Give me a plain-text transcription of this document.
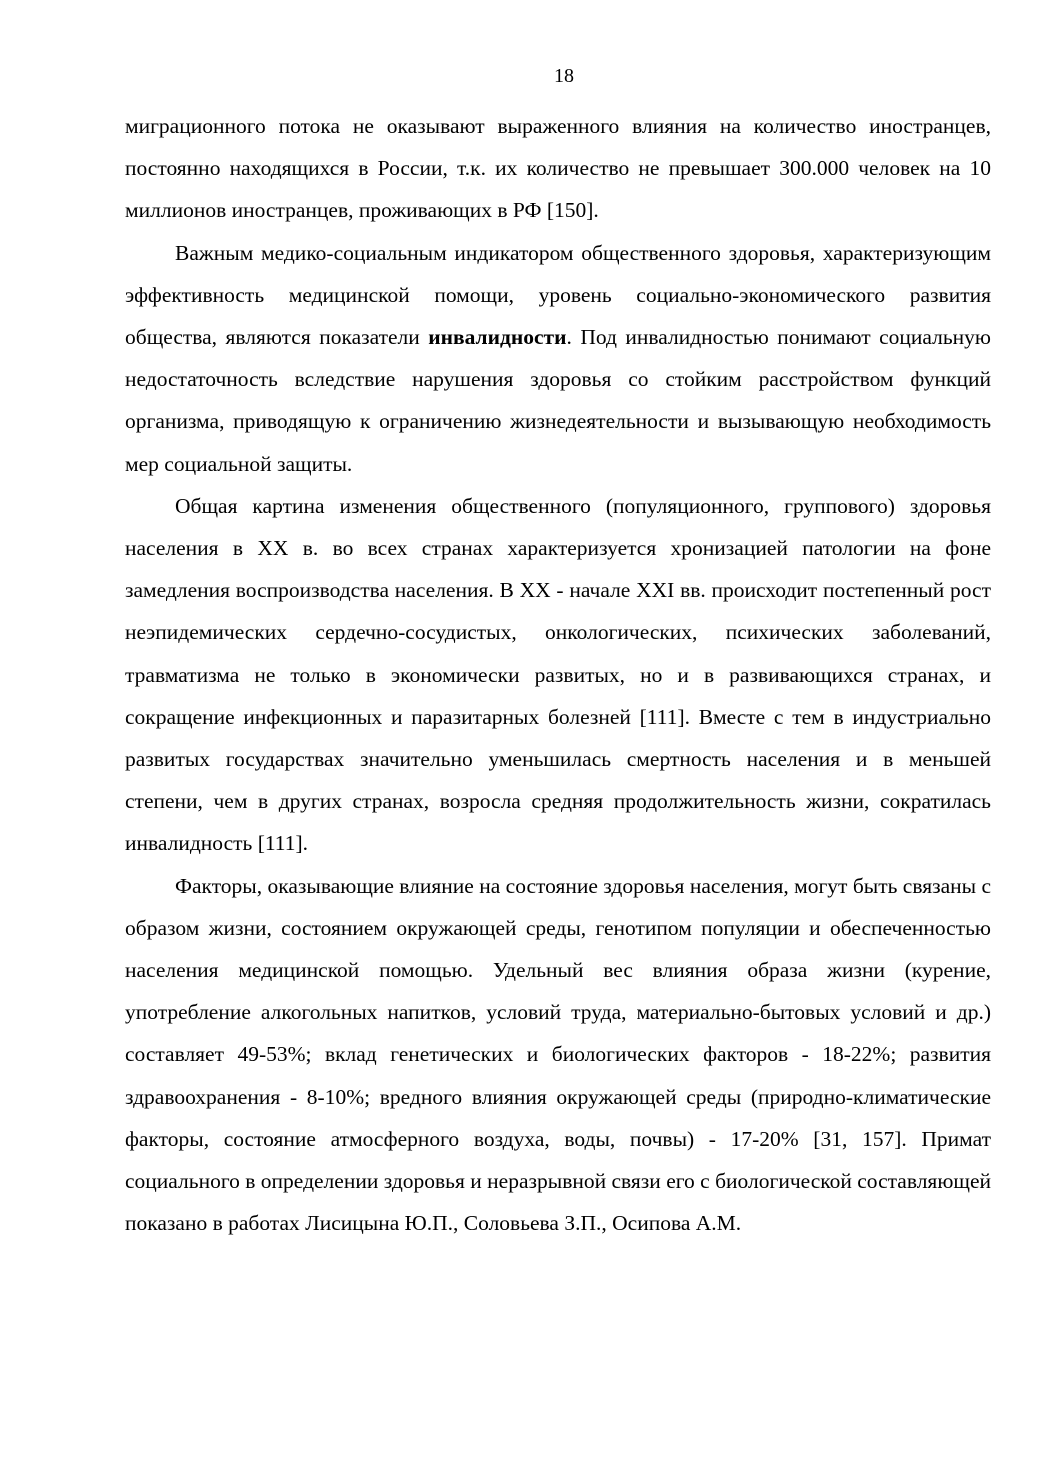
18

миграционного потока не оказывают выраженного влияния на количество иностранцев, постоянно находящихся в России, т.к. их количество не превышает 300.000 человек на 10 миллионов иностранцев, проживающих в РФ [150].

Важным медико-социальным индикатором общественного здоровья, характеризующим эффективность медицинской помощи, уровень социально-экономического развития общества, являются показатели инвалидности. Под инвалидностью понимают социальную недостаточность вследствие нарушения здоровья со стойким расстройством функций организма, приводящую к ограничению жизнедеятельности и вызывающую необходимость мер социальной защиты.

Общая картина изменения общественного (популяционного, группового) здоровья населения в XX в. во всех странах характеризуется хронизацией патологии на фоне замедления воспроизводства населения. В XX - начале XXI вв. происходит постепенный рост неэпидемических сердечно-сосудистых, онкологических, психических заболеваний, травматизма не только в экономически развитых, но и в развивающихся странах, и сокращение инфекционных и паразитарных болезней [111]. Вместе с тем в индустриально развитых государствах значительно уменьшилась смертность населения и в меньшей степени, чем в других странах, возросла средняя продолжительность жизни, сократилась инвалидность [111].

Факторы, оказывающие влияние на состояние здоровья населения, могут быть связаны с образом жизни, состоянием окружающей среды, генотипом популяции и обеспеченностью населения медицинской помощью. Удельный вес влияния образа жизни (курение, употребление алкогольных напитков, условий труда, материально-бытовых условий и др.) составляет 49-53%; вклад генетических и биологических факторов - 18-22%; развития здравоохранения - 8-10%; вредного влияния окружающей среды (природно-климатические факторы, состояние атмосферного воздуха, воды, почвы) - 17-20% [31, 157]. Примат социального в определении здоровья и неразрывной связи его с биологической составляющей показано в работах Лисицына Ю.П., Соловьева З.П., Осипова А.М.
